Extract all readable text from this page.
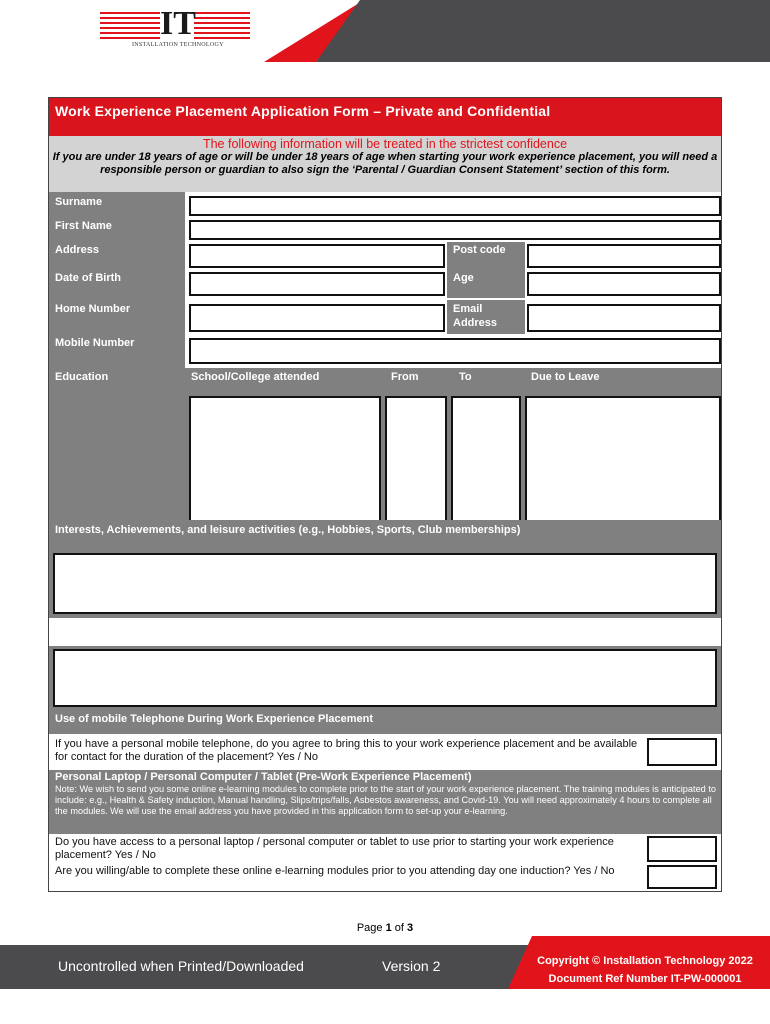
IT
INSTALLATION TECHNOLOGY
Work Experience Placement Application Form – Private and Confidential
The following information will be treated in the strictest confidence
If you are under 18 years of age or will be under 18 years of age when starting your work experience placement, you will need a responsible person or guardian to also sign the ‘Parental / Guardian Consent Statement’ section of this form.
Surname
First Name
Address	Post code
Date of Birth	Age
Home Number	Email
Address
Mobile Number
Education	School/College attended	From	To	Due to Leave
Interests, Achievements, and leisure activities (e.g., Hobbies, Sports, Club memberships)
Supplementary Information (any information that will be useful to us during your attachment with Installation Technology e.g., medical conditions, allergies, dietary requirements etc.)
Use of mobile Telephone During Work Experience Placement
If you have a personal mobile telephone, do you agree to bring this to your work experience placement and be available for contact for the duration of the placement? Yes / No
Personal Laptop / Personal Computer / Tablet (Pre-Work Experience Placement)
Note: We wish to send you some online e-learning modules to complete prior to the start of your work experience placement. The training modules is anticipated to include: e.g., Health & Safety induction, Manual handling, Slips/trips/falls, Asbestos awareness, and Covid-19. You will need approximately 4 hours to complete all the modules. We will use the email address you have provided in this application form to set-up your e-learning.
Do you have access to a personal laptop / personal computer or tablet to use prior to starting your work experience placement? Yes / No
Are you willing/able to complete these online e-learning modules prior to you attending day one induction? Yes / No
Page 1 of 3
Uncontrolled when Printed/Downloaded	Version 2	Copyright © Installation Technology 2022
Document Ref Number IT-PW-000001
